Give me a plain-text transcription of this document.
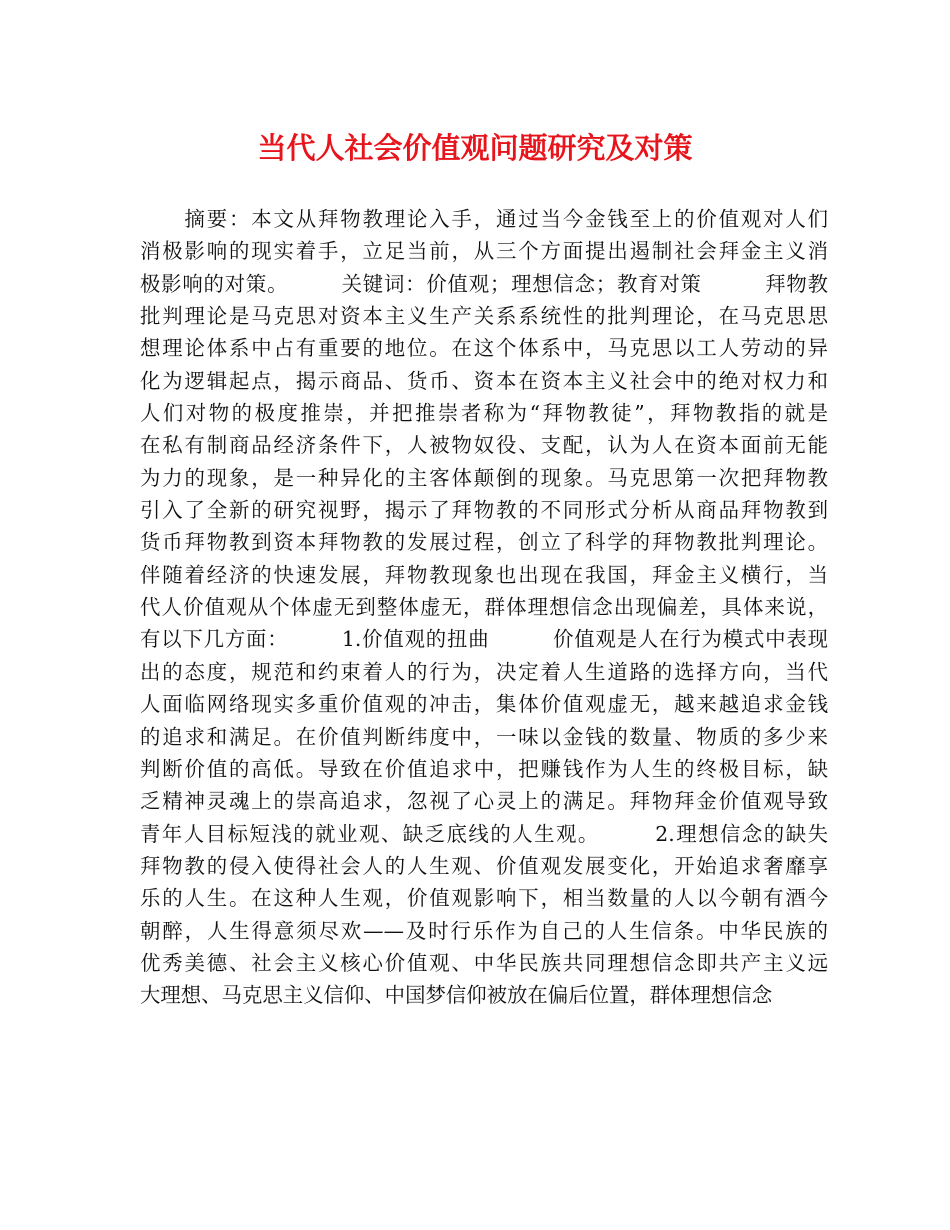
当代人社会价值观问题研究及对策
　　摘要：本文从拜物教理论入手，通过当今金钱至上的价值观对人们
消极影响的现实着手，立足当前，从三个方面提出遏制社会拜金主义消
极影响的对策。　　　关键词：价值观；理想信念；教育对策　　　拜物教
批判理论是马克思对资本主义生产关系系统性的批判理论，在马克思思
想理论体系中占有重要的地位。在这个体系中，马克思以工人劳动的异
化为逻辑起点，揭示商品、货币、资本在资本主义社会中的绝对权力和
人们对物的极度推崇，并把推崇者称为“拜物教徒”，拜物教指的就是
在私有制商品经济条件下，人被物奴役、支配，认为人在资本面前无能
为力的现象，是一种异化的主客体颠倒的现象。马克思第一次把拜物教
引入了全新的研究视野，揭示了拜物教的不同形式分析从商品拜物教到
货币拜物教到资本拜物教的发展过程，创立了科学的拜物教批判理论。
伴随着经济的快速发展，拜物教现象也出现在我国，拜金主义横行，当
代人价值观从个体虚无到整体虚无，群体理想信念出现偏差，具体来说，
有以下几方面：　　　1.价值观的扭曲　　　价值观是人在行为模式中表现
出的态度，规范和约束着人的行为，决定着人生道路的选择方向，当代
人面临网络现实多重价值观的冲击，集体价值观虚无，越来越追求金钱
的追求和满足。在价值判断纬度中，一味以金钱的数量、物质的多少来
判断价值的高低。导致在价值追求中，把赚钱作为人生的终极目标，缺
乏精神灵魂上的崇高追求，忽视了心灵上的满足。拜物拜金价值观导致
青年人目标短浅的就业观、缺乏底线的人生观。　　　2.理想信念的缺失
拜物教的侵入使得社会人的人生观、价值观发展变化，开始追求奢靡享
乐的人生。在这种人生观，价值观影响下，相当数量的人以今朝有酒今
朝醉，人生得意须尽欢——及时行乐作为自己的人生信条。中华民族的
优秀美德、社会主义核心价值观、中华民族共同理想信念即共产主义远
大理想、马克思主义信仰、中国梦信仰被放在偏后位置，群体理想信念
